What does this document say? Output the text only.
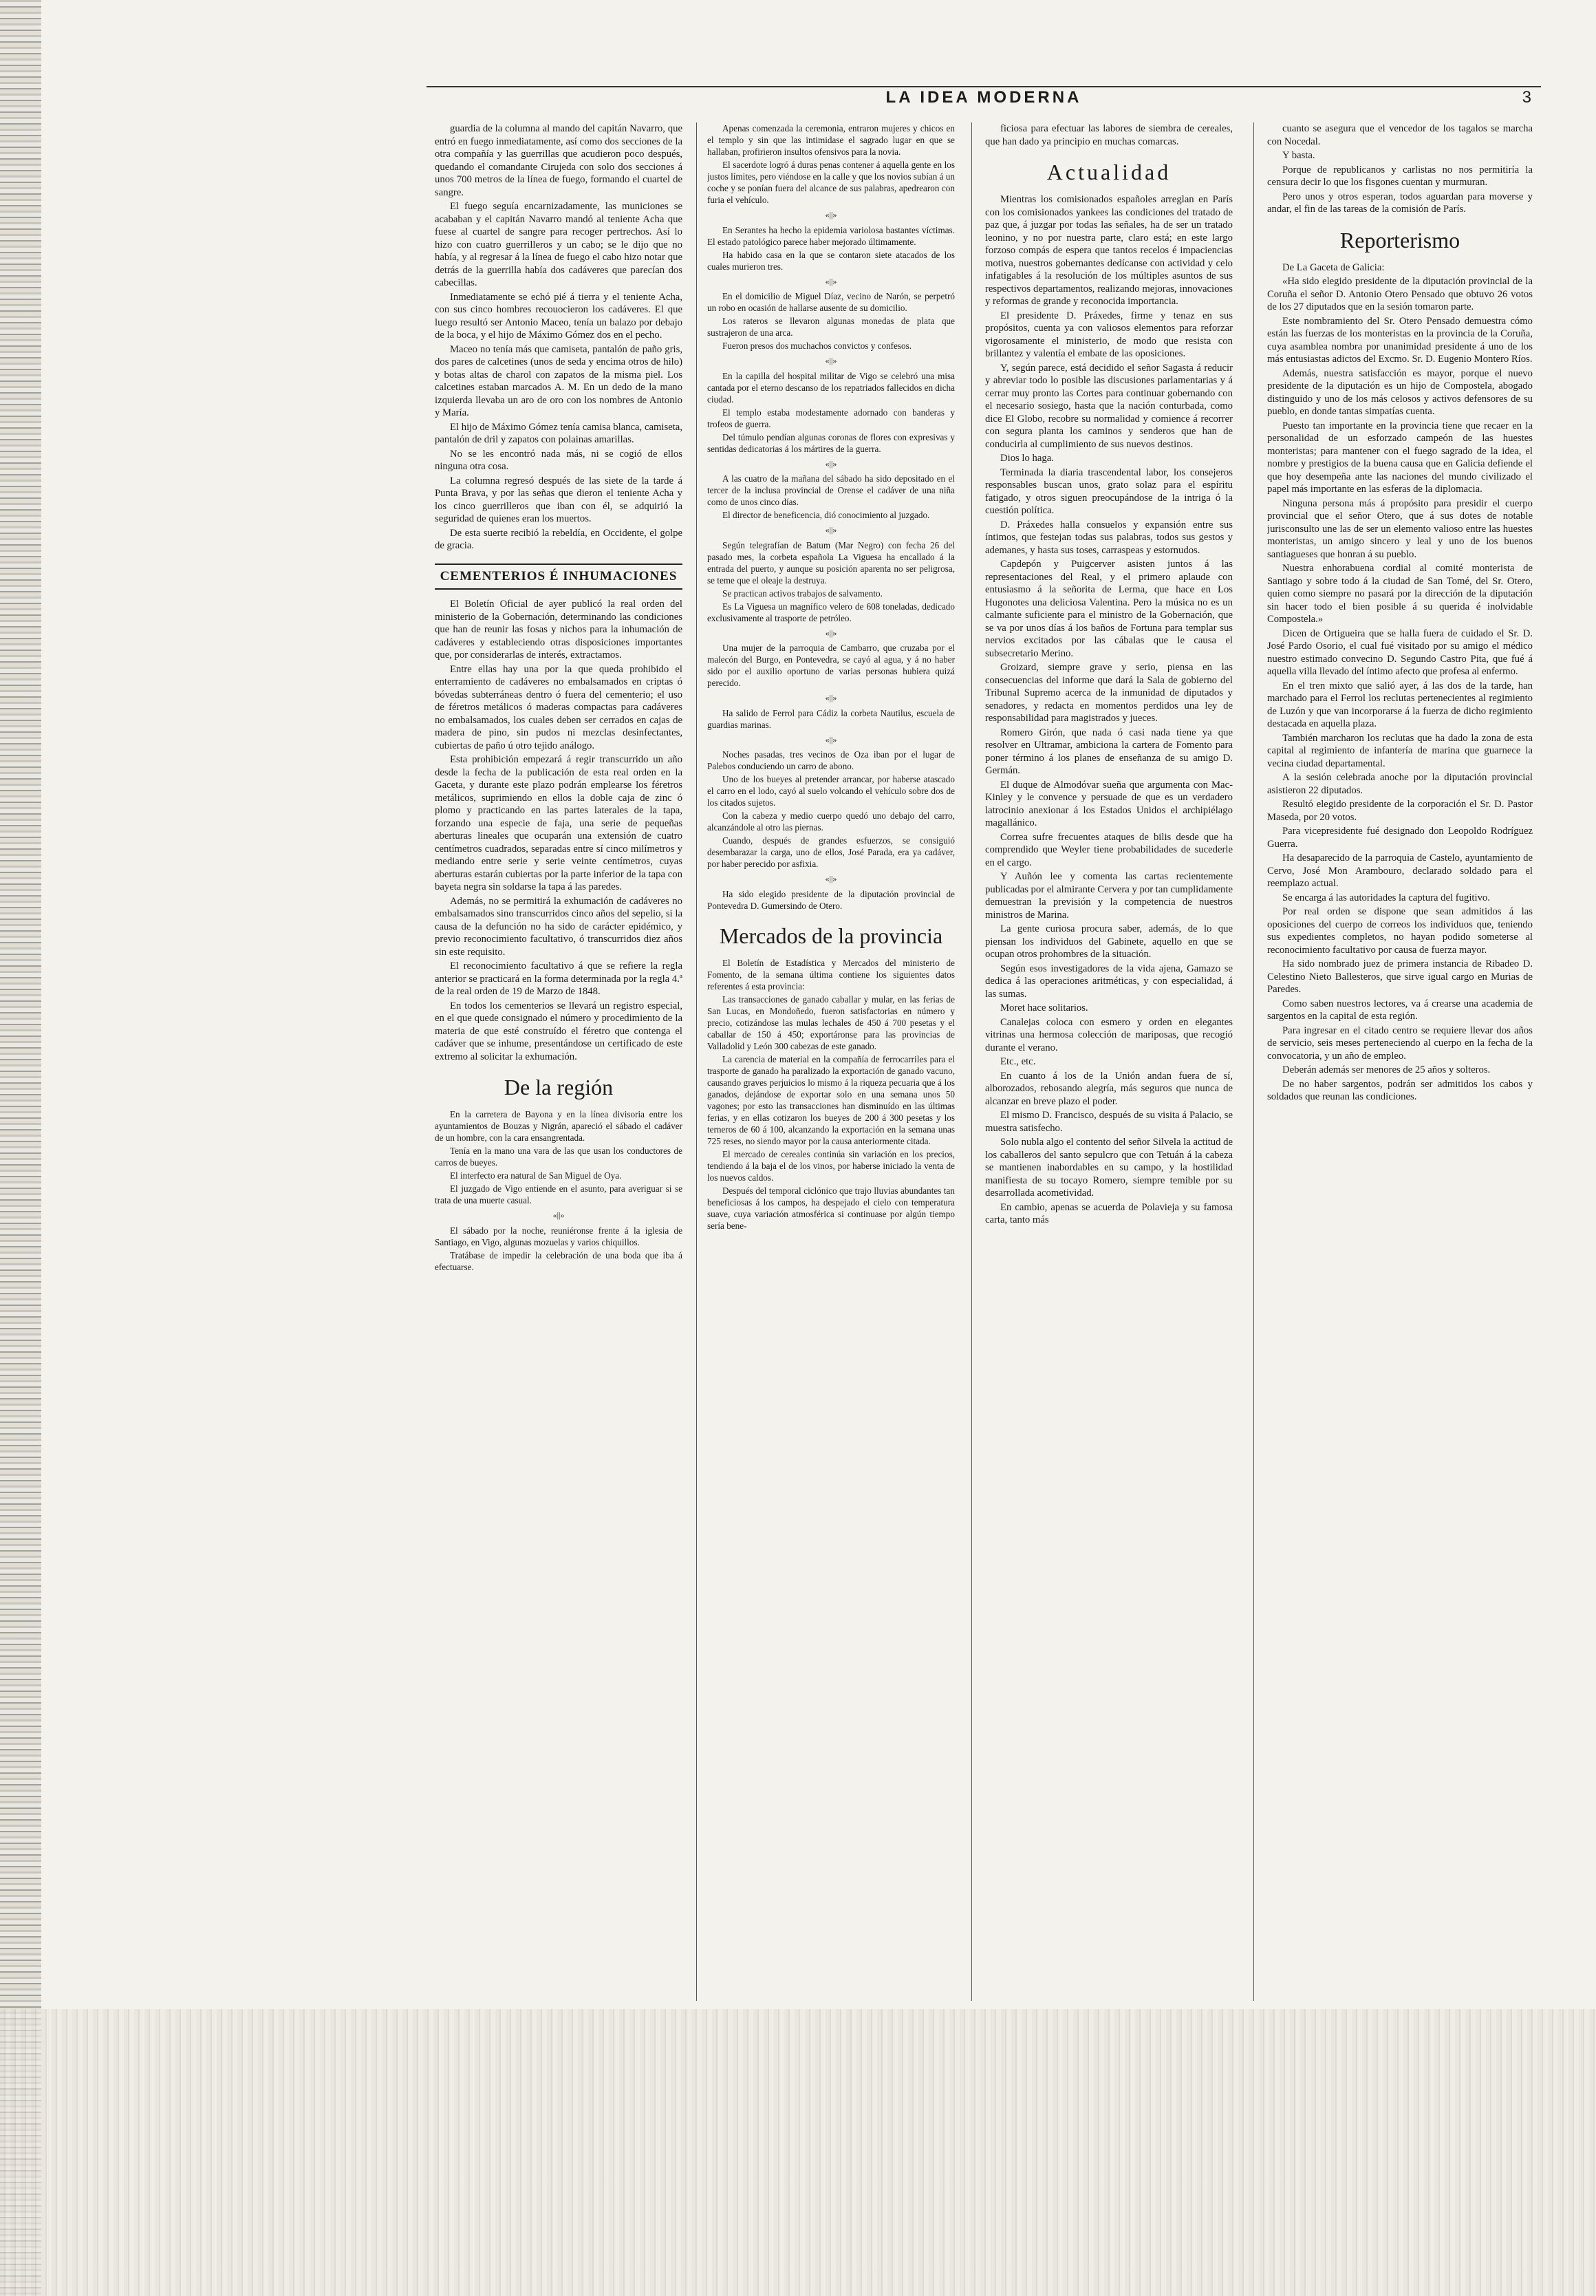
LA IDEA MODERNA	3

guardia de la columna al mando del capitán Navarro, que entró en fuego inmediatamente, así como dos secciones de la otra compañía y las guerrillas que acudieron poco después, quedando el comandante Cirujeda con solo dos secciones á unos 700 metros de la línea de fuego, formando el cuartel de sangre.

El fuego seguía encarnizadamente, las municiones se acababan y el capitán Navarro mandó al teniente Acha que fuese al cuartel de sangre para recoger pertrechos. Así lo hizo con cuatro guerrilleros y un cabo; se le dijo que no había, y al regresar á la línea de fuego el cabo hizo notar que detrás de la guerrilla había dos cadáveres que parecían dos cabecillas.

Inmediatamente se echó pié á tierra y el teniente Acha, con sus cinco hombres recouocieron los cadáveres. El que luego resultó ser Antonio Maceo, tenía un balazo por debajo de la boca, y el hijo de Máximo Gómez dos en el pecho.

Maceo no tenía más que camiseta, pantalón de paño gris, dos pares de calcetines (unos de seda y encima otros de hilo) y botas altas de charol con zapatos de la misma piel. Los calcetines estaban marcados A. M. En un dedo de la mano izquierda llevaba un aro de oro con los nombres de Antonio y María.

El hijo de Máximo Gómez tenía camisa blanca, camiseta, pantalón de dril y zapatos con polainas amarillas.

No se les encontró nada más, ni se cogió de ellos ninguna otra cosa.

La columna regresó después de las siete de la tarde á Punta Brava, y por las señas que dieron el teniente Acha y los cinco guerrilleros que iban con él, se adquirió la seguridad de quienes eran los muertos.

De esta suerte recibió la rebeldía, en Occidente, el golpe de gracia.

CEMENTERIOS É INHUMACIONES

El Boletín Oficial de ayer publicó la real orden del ministerio de la Gobernación, determinando las condiciones que han de reunir las fosas y nichos para la inhumación de cadáveres y estableciendo otras disposiciones importantes que, por considerarlas de interés, extractamos.

Entre ellas hay una por la que queda prohibido el enterramiento de cadáveres no embalsamados en criptas ó bóvedas subterráneas dentro ó fuera del cementerio; el uso de féretros metálicos ó maderas compactas para cadáveres no embalsamados, los cuales deben ser cerrados en cajas de madera de pino, sin pudos ni mezclas desinfectantes, cubiertas de paño ú otro tejido análogo.

Esta prohibición empezará á regir transcurrido un año desde la fecha de la publicación de esta real orden en la Gaceta, y durante este plazo podrán emplearse los féretros metálicos, suprimiendo en ellos la doble caja de zinc ó plomo y practicando en las partes laterales de la tapa, forzando una especie de faja, una serie de pequeñas aberturas lineales que ocuparán una extensión de cuatro centímetros cuadrados, separadas entre sí cinco milímetros y mediando entre serie y serie veinte centímetros, cuyas aberturas estarán cubiertas por la parte inferior de la tapa con bayeta negra sin soldarse la tapa á las paredes.

Además, no se permitirá la exhumación de cadáveres no embalsamados sino transcurridos cinco años del sepelio, si la causa de la defunción no ha sido de carácter epidémico, y previo reconocimiento facultativo, ó transcurridos diez años sin este requisito.

El reconocimiento facultativo á que se refiere la regla anterior se practicará en la forma determinada por la regla 4.ª de la real orden de 19 de Marzo de 1848.

En todos los cementerios se llevará un registro especial, en el que quede consignado el número y procedimiento de la materia de que esté construído el féretro que contenga el cadáver que se inhume, presentándose un certificado de este extremo al solicitar la exhumación.

De la región

En la carretera de Bayona y en la línea divisoria entre los ayuntamientos de Bouzas y Nigrán, apareció el sábado el cadáver de un hombre, con la cara ensangrentada.

Tenía en la mano una vara de las que usan los conductores de carros de bueyes.

El interfecto era natural de San Miguel de Oya.

El juzgado de Vigo entiende en el asunto, para averiguar si se trata de una muerte casual.

«||»

El sábado por la noche, reuniéronse frente á la iglesia de Santiago, en Vigo, algunas mozuelas y varios chiquillos.

Tratábase de impedir la celebración de una boda que iba á efectuarse.

Apenas comenzada la ceremonia, entraron mujeres y chicos en el templo y sin que las intimidase el sagrado lugar en que se hallaban, profirieron insultos ofensivos para la novia.

El sacerdote logró á duras penas contener á aquella gente en los justos límites, pero viéndose en la calle y que los novios subían á un coche y se ponían fuera del alcance de sus palabras, apedrearon con furia el vehículo.

«||»

En Serantes ha hecho la epidemia variolosa bastantes víctimas. El estado patológico parece haber mejorado últimamente.

Ha habido casa en la que se contaron siete atacados de los cuales murieron tres.

«||»

En el domicilio de Miguel Díaz, vecino de Narón, se perpetró un robo en ocasión de hallarse ausente de su domicilio.

Los rateros se llevaron algunas monedas de plata que sustrajeron de una arca.

Fueron presos dos muchachos convictos y confesos.

«||»

En la capilla del hospital militar de Vigo se celebró una misa cantada por el eterno descanso de los repatriados fallecidos en dicha ciudad.

El templo estaba modestamente adornado con banderas y trofeos de guerra.

Del túmulo pendían algunas coronas de flores con expresivas y sentidas dedicatorias á los mártires de la guerra.

«||»

A las cuatro de la mañana del sábado ha sido depositado en el tercer de la inclusa provincial de Orense el cadáver de una niña como de unos cinco días.

El director de beneficencia, dió conocimiento al juzgado.

«||»

Según telegrafían de Batum (Mar Negro) con fecha 26 del pasado mes, la corbeta española La Viguesa ha encallado á la entrada del puerto, y aunque su posición aparenta no ser peligrosa, se teme que el oleaje la destruya.

Se practican activos trabajos de salvamento.

Es La Viguesa un magnífico velero de 608 toneladas, dedicado exclusivamente al trasporte de petróleo.

«||»

Una mujer de la parroquia de Cambarro, que cruzaba por el malecón del Burgo, en Pontevedra, se cayó al agua, y á no haber sido por el auxilio oportuno de varias personas hubiera quizá perecido.

«||»

Ha salido de Ferrol para Cádiz la corbeta Nautilus, escuela de guardias marinas.

«||»

Noches pasadas, tres vecinos de Oza iban por el lugar de Palebos conduciendo un carro de abono.

Uno de los bueyes al pretender arrancar, por haberse atascado el carro en el lodo, cayó al suelo volcando el vehículo sobre dos de los citados sujetos.

Con la cabeza y medio cuerpo quedó uno debajo del carro, alcanzándole al otro las piernas.

Cuando, después de grandes esfuerzos, se consiguió desembarazar la carga, uno de ellos, José Parada, era ya cadáver, por haber perecido por asfixia.

«||»

Ha sido elegido presidente de la diputación provincial de Pontevedra D. Gumersindo de Otero.

Mercados de la provincia

El Boletín de Estadística y Mercados del ministerio de Fomento, de la semana última contiene los siguientes datos referentes á esta provincia:

Las transacciones de ganado caballar y mular, en las ferias de San Lucas, en Mondoñedo, fueron satisfactorias en número y precio, cotizándose las mulas lechales de 450 á 700 pesetas y el caballar de 150 á 450; exportáronse para las provincias de Valladolid y León 300 cabezas de este ganado.

La carencia de material en la compañía de ferrocarriles para el trasporte de ganado ha paralizado la exportación de ganado vacuno, causando graves perjuicios lo mismo á la riqueza pecuaria que á los ganados, dejándose de exportar solo en una semana unos 50 vagones; por esto las transacciones han disminuído en las últimas ferias, y en ellas cotizaron los bueyes de 200 á 300 pesetas y los terneros de 60 á 100, alcanzando la exportación en la semana unas 725 reses, no siendo mayor por la causa anteriormente citada.

El mercado de cereales continúa sin variación en los precios, tendiendo á la baja el de los vinos, por haberse iniciado la venta de los nuevos caldos.

Después del temporal ciclónico que trajo lluvias abundantes tan beneficiosas á los campos, ha despejado el cielo con temperatura suave, cuya variación atmosférica si continuase por algún tiempo sería bene-

ficiosa para efectuar las labores de siembra de cereales, que han dado ya principio en muchas comarcas.

Actualidad

Mientras los comisionados españoles arreglan en París con los comisionados yankees las condiciones del tratado de paz que, á juzgar por todas las señales, ha de ser un tratado leonino, y no por nuestra parte, claro está; en este largo forzoso compás de espera que tantos recelos é impaciencias motiva, nuestros gobernantes dedícanse con actividad y celo infatigables á la resolución de los múltiples asuntos de sus respectivos departamentos, realizando mejoras, innovaciones y reformas de grande y reconocida importancia.

El presidente D. Práxedes, firme y tenaz en sus propósitos, cuenta ya con valiosos elementos para reforzar vigorosamente el ministerio, de modo que resista con brillantez y valentía el embate de las oposiciones.

Y, según parece, está decidido el señor Sagasta á reducir y abreviar todo lo posible las discusiones parlamentarias y á cerrar muy pronto las Cortes para continuar gobernando con el necesario sosiego, hasta que la nación conturbada, como dice El Globo, recobre su normalidad y comience á recorrer con segura planta los caminos y senderos que han de conducirla al cumplimiento de sus nuevos destinos.

Dios lo haga.

Terminada la diaria trascendental labor, los consejeros responsables buscan unos, grato solaz para el espíritu fatigado, y otros siguen preocupándose de la intriga ó la cuestión política.

D. Práxedes halla consuelos y expansión entre sus íntimos, que festejan todas sus palabras, todos sus gestos y ademanes, y hasta sus toses, carraspeas y estornudos.

Capdepón y Puigcerver asisten juntos á las representaciones del Real, y el primero aplaude con entusiasmo á la señorita de Lerma, que hace en Los Hugonotes una deliciosa Valentina. Pero la música no es un calmante suficiente para el ministro de la Gobernación, que se va por unos días á los baños de Fortuna para templar sus nervios excitados por las cábalas que le causa el subsecretario Merino.

Groizard, siempre grave y serio, piensa en las consecuencias del informe que dará la Sala de gobierno del Tribunal Supremo acerca de la inmunidad de diputados y senadores, y redacta en momentos perdidos una ley de responsabilidad para magistrados y jueces.

Romero Girón, que nada ó casi nada tiene ya que resolver en Ultramar, ambiciona la cartera de Fomento para poner término á los planes de enseñanza de su amigo D. Germán.

El duque de Almodóvar sueña que argumenta con Mac-Kinley y le convence y persuade de que es un verdadero latrocinio anexionar á los Estados Unidos el archipiélago magallánico.

Correa sufre frecuentes ataques de bilis desde que ha comprendido que Weyler tiene probabilidades de sucederle en el cargo.

Y Auñón lee y comenta las cartas recientemente publicadas por el almirante Cervera y por tan cumplidamente demuestran la previsión y la competencia de nuestros ministros de Marina.

La gente curiosa procura saber, además, de lo que piensan los individuos del Gabinete, aquello en que se ocupan otros prohombres de la situación.

Según esos investigadores de la vida ajena, Gamazo se dedica á las operaciones aritméticas, y con especialidad, á las sumas.

Moret hace solitarios.

Canalejas coloca con esmero y orden en elegantes vitrinas una hermosa colección de mariposas, que recogió durante el verano.

Etc., etc.

En cuanto á los de la Unión andan fuera de sí, alborozados, rebosando alegría, más seguros que nunca de alcanzar en breve plazo el poder.

El mismo D. Francisco, después de su visita á Palacio, se muestra satisfecho.

Solo nubla algo el contento del señor Silvela la actitud de los caballeros del santo sepulcro que con Tetuán á la cabeza se mantienen inabordables en su campo, y la hostilidad manifiesta de su tocayo Romero, siempre temible por su desarrollada acometividad.

En cambio, apenas se acuerda de Polavieja y su famosa carta, tanto más

cuanto se asegura que el vencedor de los tagalos se marcha con Nocedal.

Y basta.

Porque de republicanos y carlistas no nos permitiría la censura decir lo que los fisgones cuentan y murmuran.

Pero unos y otros esperan, todos aguardan para moverse y andar, el fin de las tareas de la comisión de París.

Reporterismo

De La Gaceta de Galicia:

«Ha sido elegido presidente de la diputación provincial de la Coruña el señor D. Antonio Otero Pensado que obtuvo 26 votos de los 27 diputados que en la sesión tomaron parte.

Este nombramiento del Sr. Otero Pensado demuestra cómo están las fuerzas de los monteristas en la provincia de la Coruña, cuya asamblea nombra por unanimidad presidente á uno de los más entusiastas adictos del Excmo. Sr. D. Eugenio Montero Ríos.

Además, nuestra satisfacción es mayor, porque el nuevo presidente de la diputación es un hijo de Compostela, abogado distinguido y uno de los más celosos y activos defensores de su pueblo, en donde tantas simpatías cuenta.

Puesto tan importante en la provincia tiene que recaer en la personalidad de un esforzado campeón de las huestes monteristas; para mantener con el fuego sagrado de la idea, el nombre y prestigios de la buena causa que en Galicia defiende el que hoy desempeña ante las naciones del mundo civilizado el papel más importante en las esferas de la diplomacia.

Ninguna persona más á propósito para presidir el cuerpo provincial que el señor Otero, que á sus dotes de notable jurisconsulto une las de ser un elemento valioso entre las huestes monteristas, un amigo sincero y leal y uno de los buenos santiagueses que honran á su pueblo.

Nuestra enhorabuena cordial al comité monterista de Santiago y sobre todo á la ciudad de San Tomé, del Sr. Otero, quien como siempre no pasará por la dirección de la diputación sin hacer todo el bien posible á su querida é inolvidable Compostela.»

Dicen de Ortigueira que se halla fuera de cuidado el Sr. D. José Pardo Osorio, el cual fué visitado por su amigo el médico nuestro estimado convecino D. Segundo Castro Pita, que fué á aquella villa llevado del íntimo afecto que profesa al enfermo.

En el tren mixto que salió ayer, á las dos de la tarde, han marchado para el Ferrol los reclutas pertenecientes al regimiento de Luzón y que van incorporarse á la fuerza de dicho regimiento destacada en aquella plaza.

También marcharon los reclutas que ha dado la zona de esta capital al regimiento de infantería de marina que guarnece la vecina ciudad departamental.

A la sesión celebrada anoche por la diputación provincial asistieron 22 diputados.

Resultó elegido presidente de la corporación el Sr. D. Pastor Maseda, por 20 votos.

Para vicepresidente fué designado don Leopoldo Rodríguez Guerra.

Ha desaparecido de la parroquia de Castelo, ayuntamiento de Cervo, José Mon Arambouro, declarado soldado para el reemplazo actual.

Se encarga á las autoridades la captura del fugitivo.

Por real orden se dispone que sean admitidos á las oposiciones del cuerpo de correos los individuos que, teniendo sus expedientes completos, no hayan podido someterse al reconocimiento facultativo por causa de fuerza mayor.

Ha sido nombrado juez de primera instancia de Ribadeo D. Celestino Nieto Ballesteros, que sirve igual cargo en Murias de Paredes.

Como saben nuestros lectores, va á crearse una academia de sargentos en la capital de esta región.

Para ingresar en el citado centro se requiere llevar dos años de servicio, seis meses perteneciendo al cuerpo en la fecha de la convocatoria, y un año de empleo.

Deberán además ser menores de 25 años y solteros.

De no haber sargentos, podrán ser admitidos los cabos y soldados que reunan las condiciones.
